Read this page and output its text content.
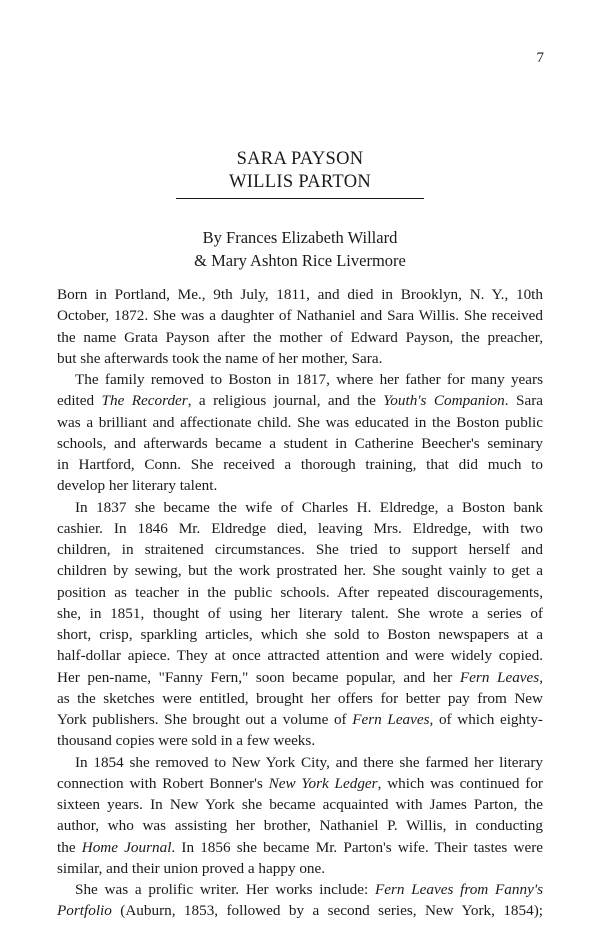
7
SARA PAYSON
WILLIS PARTON
By Frances Elizabeth Willard
& Mary Ashton Rice Livermore
Born in Portland, Me., 9th July, 1811, and died in Brooklyn, N. Y., 10th
October, 1872. She was a daughter of Nathaniel and Sara Willis. She received
the name Grata Payson after the mother of Edward Payson, the preacher,
but she afterwards took the name of her mother, Sara.
The family removed to Boston in 1817, where her father for many years
edited The Recorder, a religious journal, and the Youth's Companion. Sara
was a brilliant and affectionate child. She was educated in the Boston public
schools, and afterwards became a student in Catherine Beecher's seminary
in Hartford, Conn. She received a thorough training, that did much to
develop her literary talent.
In 1837 she became the wife of Charles H. Eldredge, a Boston bank
cashier. In 1846 Mr. Eldredge died, leaving Mrs. Eldredge, with two
children, in straitened circumstances. She tried to support herself and
children by sewing, but the work prostrated her. She sought vainly to get a
position as teacher in the public schools. After repeated discouragements,
she, in 1851, thought of using her literary talent. She wrote a series of
short, crisp, sparkling articles, which she sold to Boston newspapers at a
half-dollar apiece. They at once attracted attention and were widely copied.
Her pen-name, "Fanny Fern," soon became popular, and her Fern Leaves,
as the sketches were entitled, brought her offers for better pay from New
York publishers. She brought out a volume of Fern Leaves, of which eighty-
thousand copies were sold in a few weeks.
In 1854 she removed to New York City, and there she farmed her literary
connection with Robert Bonner's New York Ledger, which was continued for
sixteen years. In New York she became acquainted with James Parton, the
author, who was assisting her brother, Nathaniel P. Willis, in conducting
the Home Journal. In 1856 she became Mr. Parton's wife. Their tastes were
similar, and their union proved a happy one.
She was a prolific writer. Her works include: Fern Leaves from Fanny's
Portfolio (Auburn, 1853, followed by a second series, New York, 1854);
